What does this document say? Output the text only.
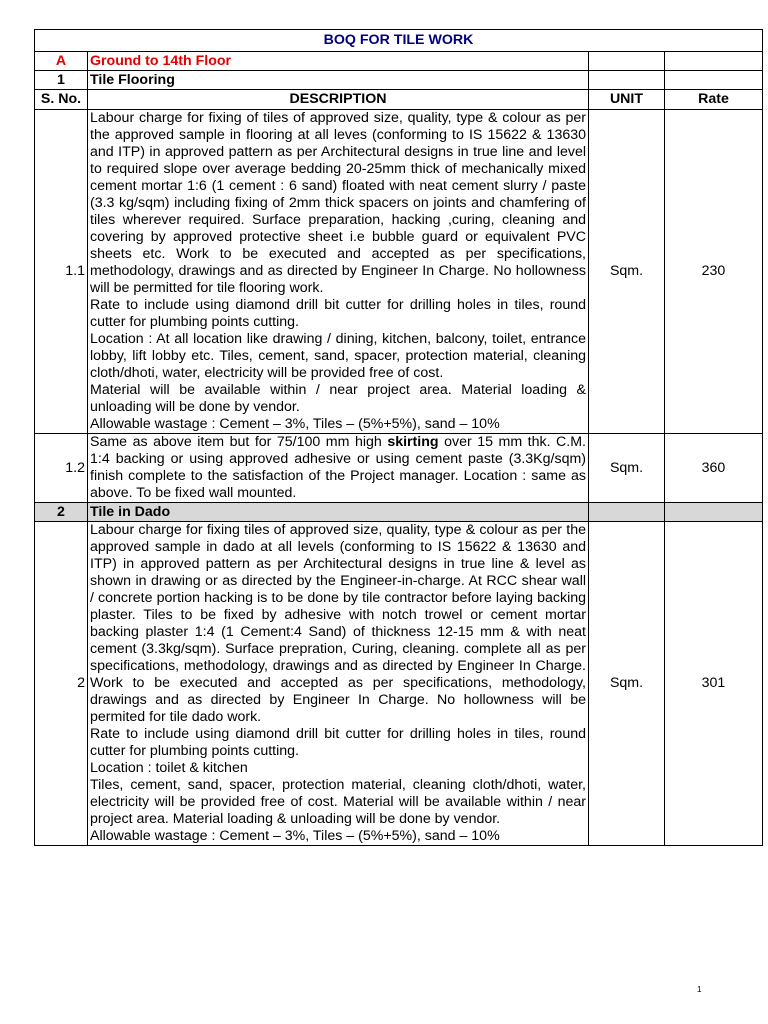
BOQ FOR TILE WORK			
A	Ground to 14th Floor		
1	Tile Flooring		
S. No.	DESCRIPTION	UNIT	Rate
1.1	Labour charge for fixing of tiles of approved size, quality, type & colour as per the approved sample in flooring at all leves (conforming to IS 15622 & 13630 and ITP) in approved pattern as per Architectural designs in true line and level to required slope over average bedding 20-25mm thick of mechanically mixed cement mortar 1:6 (1 cement : 6 sand) floated with neat cement slurry / paste (3.3 kg/sqm) including fixing of 2mm thick spacers on joints and chamfering of tiles wherever required. Surface preparation, hacking ,curing, cleaning and covering by approved protective sheet i.e bubble guard or equivalent PVC sheets etc. Work to be executed and accepted as per specifications, methodology, drawings and as directed by Engineer In Charge. No hollowness will be permitted for tile flooring work.

Rate to include using diamond drill bit cutter for drilling holes in tiles, round cutter for plumbing points cutting.

Location : At all location like drawing / dining, kitchen, balcony, toilet, entrance lobby, lift lobby etc. Tiles, cement, sand, spacer, protection material, cleaning cloth/dhoti, water, electricity will be provided free of cost.

Material will be available within / near project area. Material loading & unloading will be done by vendor.

Allowable wastage : Cement – 3%, Tiles – (5%+5%), sand – 10%	Sqm.	230
1.2	Same as above item but for 75/100 mm high skirting over 15 mm thk. C.M. 1:4 backing or using approved adhesive or using cement paste (3.3Kg/sqm) finish complete to the satisfaction of the Project manager. Location : same as above. To be fixed wall mounted.	Sqm.	360
2	Tile in Dado		
2	Labour charge for fixing tiles of approved size, quality, type & colour as per the approved sample in dado at all levels (conforming to IS 15622 & 13630 and ITP) in approved pattern as per Architectural designs in true line & level as shown in drawing or as directed by the Engineer-in-charge. At RCC shear wall / concrete portion hacking is to be done by tile contractor before laying backing plaster. Tiles to be fixed by adhesive with notch trowel or cement mortar backing plaster 1:4 (1 Cement:4 Sand) of thickness 12-15 mm & with neat cement (3.3kg/sqm). Surface prepration, Curing, cleaning. complete all as per specifications, methodology, drawings and as directed by Engineer In Charge. Work to be executed and accepted as per specifications, methodology, drawings and as directed by Engineer In Charge. No hollowness will be permited for tile dado work.

Rate to include using diamond drill bit cutter for drilling holes in tiles, round cutter for plumbing points cutting.

Location : toilet & kitchen

Tiles, cement, sand, spacer, protection material, cleaning cloth/dhoti, water, electricity will be provided free of cost. Material will be available within / near project area. Material loading & unloading will be done by vendor.

Allowable wastage : Cement – 3%, Tiles – (5%+5%), sand – 10%	Sqm.	301
1
